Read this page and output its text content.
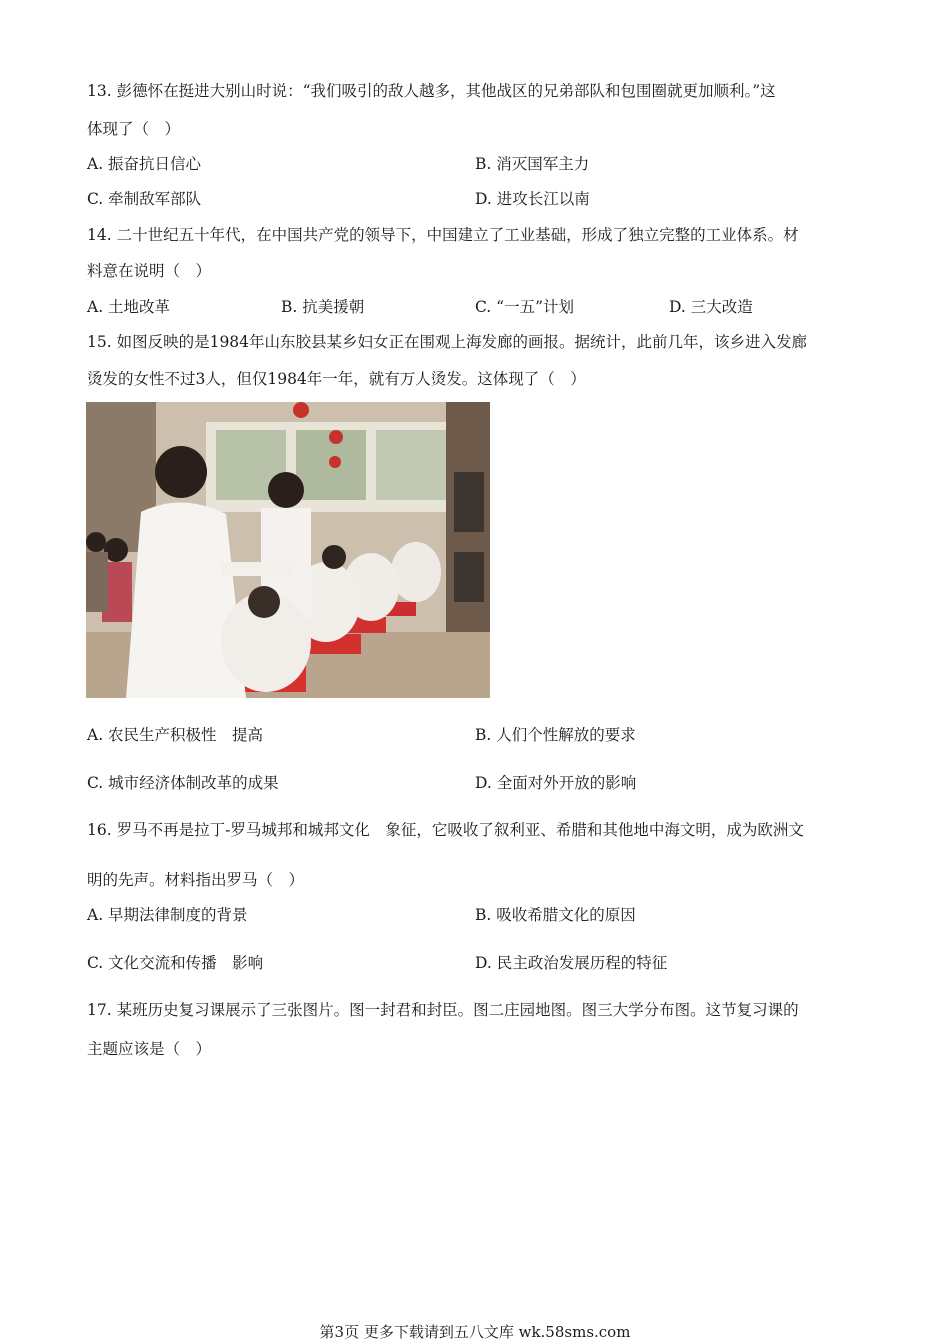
13. 彭德怀在挺进大别山时说：“我们吸引的敌人越多，其他战区的兄弟部队和包围圈就更加顺利。”这
体现了（　）
A. 振奋抗日信心	B. 消灭国军主力
C. 牵制敌军部队	D. 进攻长江以南
14. 二十世纪五十年代，在中国共产党的领导下，中国建立了工业基础，形成了独立完整的工业体系。材
料意在说明（　）
A. 土地改革	B. 抗美援朝	C. “一五”计划	D. 三大改造
15. 如图反映的是1984年山东胶县某乡妇女正在围观上海发廊的画报。据统计，此前几年，该乡进入发廊
烫发的女性不过3人，但仅1984年一年，就有万人烫发。这体现了（　）
A. 农民生产积极性　提高	B. 人们个性解放的要求
C. 城市经济体制改革的成果	D. 全面对外开放的影响
16. 罗马不再是拉丁-罗马城邦和城邦文化　象征，它吸收了叙利亚、希腊和其他地中海文明，成为欧洲文
明的先声。材料指出罗马（　）
A. 早期法律制度的背景	B. 吸收希腊文化的原因
C. 文化交流和传播　影响	D. 民主政治发展历程的特征
17. 某班历史复习课展示了三张图片。图一封君和封臣。图二庄园地图。图三大学分布图。这节复习课的
主题应该是（　）
第3页 更多下载请到五八文库 wk.58sms.com
